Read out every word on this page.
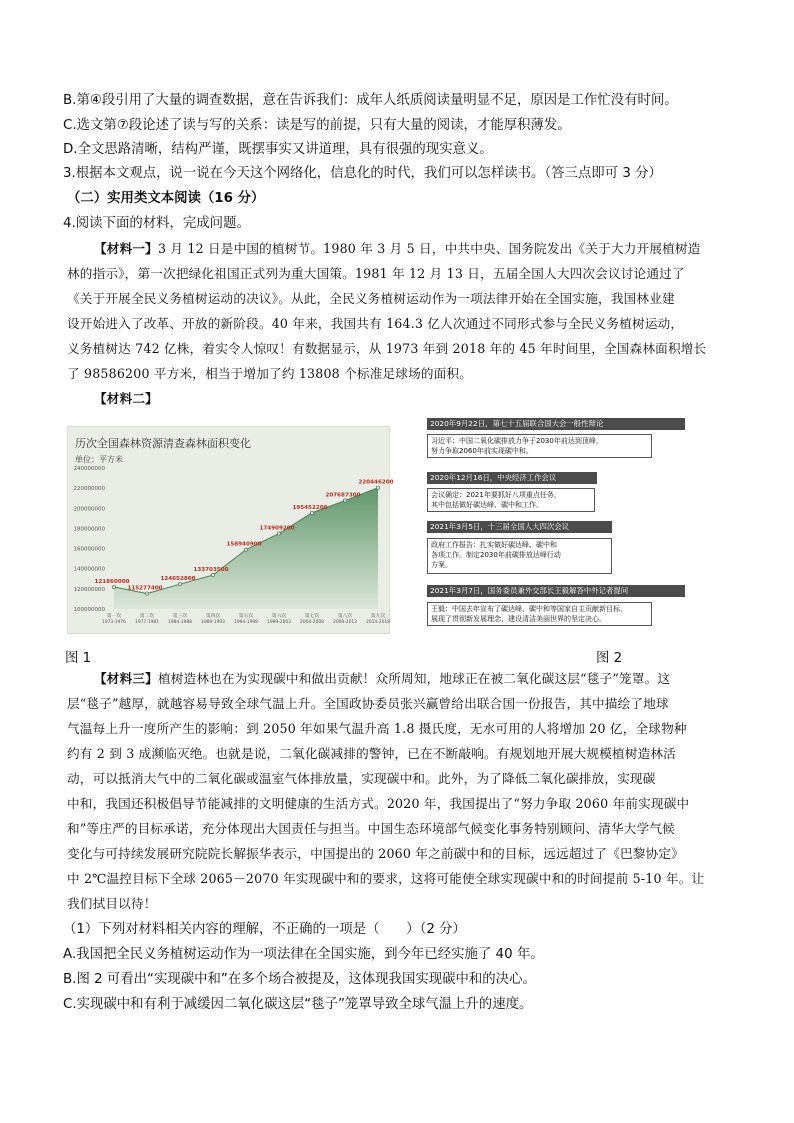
B.第④段引用了大量的调查数据，意在告诉我们：成年人纸质阅读量明显不足，原因是工作忙没有时间。
C.选文第⑦段论述了读与写的关系：读是写的前提，只有大量的阅读，才能厚积薄发。
D.全文思路清晰，结构严谨，既摆事实又讲道理，具有很强的现实意义。
3.根据本文观点，说一说在今天这个网络化，信息化的时代，我们可以怎样读书。（答三点即可 3 分）
（二）实用类文本阅读（16 分）
4.阅读下面的材料，完成问题。
【材料一】3 月 12 日是中国的植树节。1980 年 3 月 5 日，中共中央、国务院发出《关于大力开展植树造
林的指示》，第一次把绿化祖国正式列为重大国策。1981 年 12 月 13 日，五届全国人大四次会议讨论通过了
《关于开展全民义务植树运动的决议》。从此，全民义务植树运动作为一项法律开始在全国实施，我国林业建
设开始进入了改革、开放的新阶段。40 年来，我国共有 164.3 亿人次通过不同形式参与全民义务植树运动，
义务植树达 742 亿株，着实令人惊叹！有数据显示，从 1973 年到 2018 年的 45 年时间里，全国森林面积增长
了 98586200 平方米，相当于增加了约 13808 个标准足球场的面积。
【材料二】
240000000
220000000
200000000
180000000
160000000
140000000
120000000
100000000
121860000
115277400
124652800
133703500
158940900
174909200
195452200
207687300
220446200
第一次
1973-1976
第二次
1977-1981
第三次
1984-1988
第四次
1989-1993
第五次
1994-1998
第六次
1999-2003
第七次
2004-2008
第八次
2009-2013
第九次
2014-2018
历次全国森林资源清查森林面积变化
单位：平方米
2020年9月22日，第七十五届联合国大会一般性辩论
习近平：中国二氧化碳排放力争于2030年前达到顶峰，
努力争取2060年前实现碳中和。
2020年12月16日，中央经济工作会议
会议确定：2021年要抓好八项重点任务，
其中包括做好碳达峰、碳中和工作。
2021年3月5日，十三届全国人大四次会议
政府工作报告：扎实做好碳达峰、碳中和
各项工作。制定2030年前碳排放达峰行动
方案。
2021年3月7日，国务委员兼外交部长王毅解答中外记者提问
王毅：中国去年宣布了碳达峰、碳中和等国家自主贡献新目标，
展现了贯彻新发展理念、建设清洁美丽世界的坚定决心。
图 1	图 2
【材料三】植树造林也在为实现碳中和做出贡献！众所周知，地球正在被二氧化碳这层“毯子”笼罩。这
层“毯子”越厚，就越容易导致全球气温上升。全国政协委员张兴赢曾给出联合国一份报告，其中描绘了地球
气温每上升一度所产生的影响：到 2050 年如果气温升高 1.8 摄氏度，无水可用的人将增加 20 亿，全球物种
约有 2 到 3 成濒临灭绝。也就是说，二氧化碳减排的警钟，已在不断敲响。有规划地开展大规模植树造林活
动，可以抵消大气中的二氧化碳或温室气体排放量，实现碳中和。此外，为了降低二氧化碳排放，实现碳
中和，我国还积极倡导节能减排的文明健康的生活方式。2020 年，我国提出了“努力争取 2060 年前实现碳中
和”等庄严的目标承诺，充分体现出大国责任与担当。中国生态环境部气候变化事务特别顾问、清华大学气候
变化与可持续发展研究院院长解振华表示，中国提出的 2060 年之前碳中和的目标，远远超过了《巴黎协定》
中 2℃温控目标下全球 2065－2070 年实现碳中和的要求，这将可能使全球实现碳中和的时间提前 5-10 年。让
我们拭目以待！
（1）下列对材料相关内容的理解，不正确的一项是（　　）（2 分）
A.我国把全民义务植树运动作为一项法律在全国实施，到今年已经实施了 40 年。
B.图 2 可看出“实现碳中和”在多个场合被提及，这体现我国实现碳中和的决心。
C.实现碳中和有利于减缓因二氧化碳这层“毯子”笼罩导致全球气温上升的速度。
